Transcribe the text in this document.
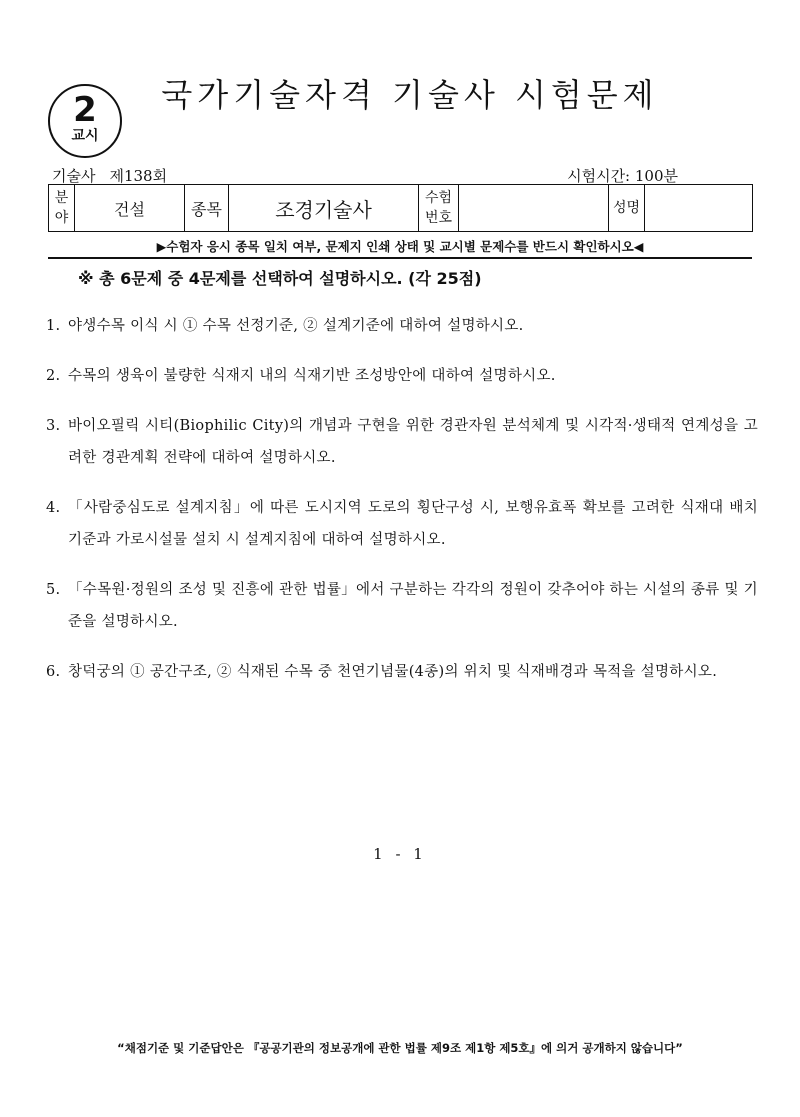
2
교시
국가기술자격 기술사 시험문제
기술사 제138회	시험시간: 100분
분야	건설	종목	조경기술사	수험번호		성명	
▶수험자 응시 종목 일치 여부, 문제지 인쇄 상태 및 교시별 문제수를 반드시 확인하시오◀
※ 총 6문제 중 4문제를 선택하여 설명하시오. (각 25점)
1. 야생수목 이식 시 ① 수목 선정기준, ② 설계기준에 대하여 설명하시오.
2. 수목의 생육이 불량한 식재지 내의 식재기반 조성방안에 대하여 설명하시오.
3. 바이오필릭 시티(Biophilic City)의 개념과 구현을 위한 경관자원 분석체계 및 시각적·생태적 연계성을 고려한 경관계획 전략에 대하여 설명하시오.
4. 「사람중심도로 설계지침」에 따른 도시지역 도로의 횡단구성 시, 보행유효폭 확보를 고려한 식재대 배치 기준과 가로시설물 설치 시 설계지침에 대하여 설명하시오.
5. 「수목원·정원의 조성 및 진흥에 관한 법률」에서 구분하는 각각의 정원이 갖추어야 하는 시설의 종류 및 기준을 설명하시오.
6. 창덕궁의 ① 공간구조, ② 식재된 수목 중 천연기념물(4종)의 위치 및 식재배경과 목적을 설명하시오.
1 - 1
“채점기준 및 기준답안은 『공공기관의 정보공개에 관한 법률 제9조 제1항 제5호』에 의거 공개하지 않습니다”
